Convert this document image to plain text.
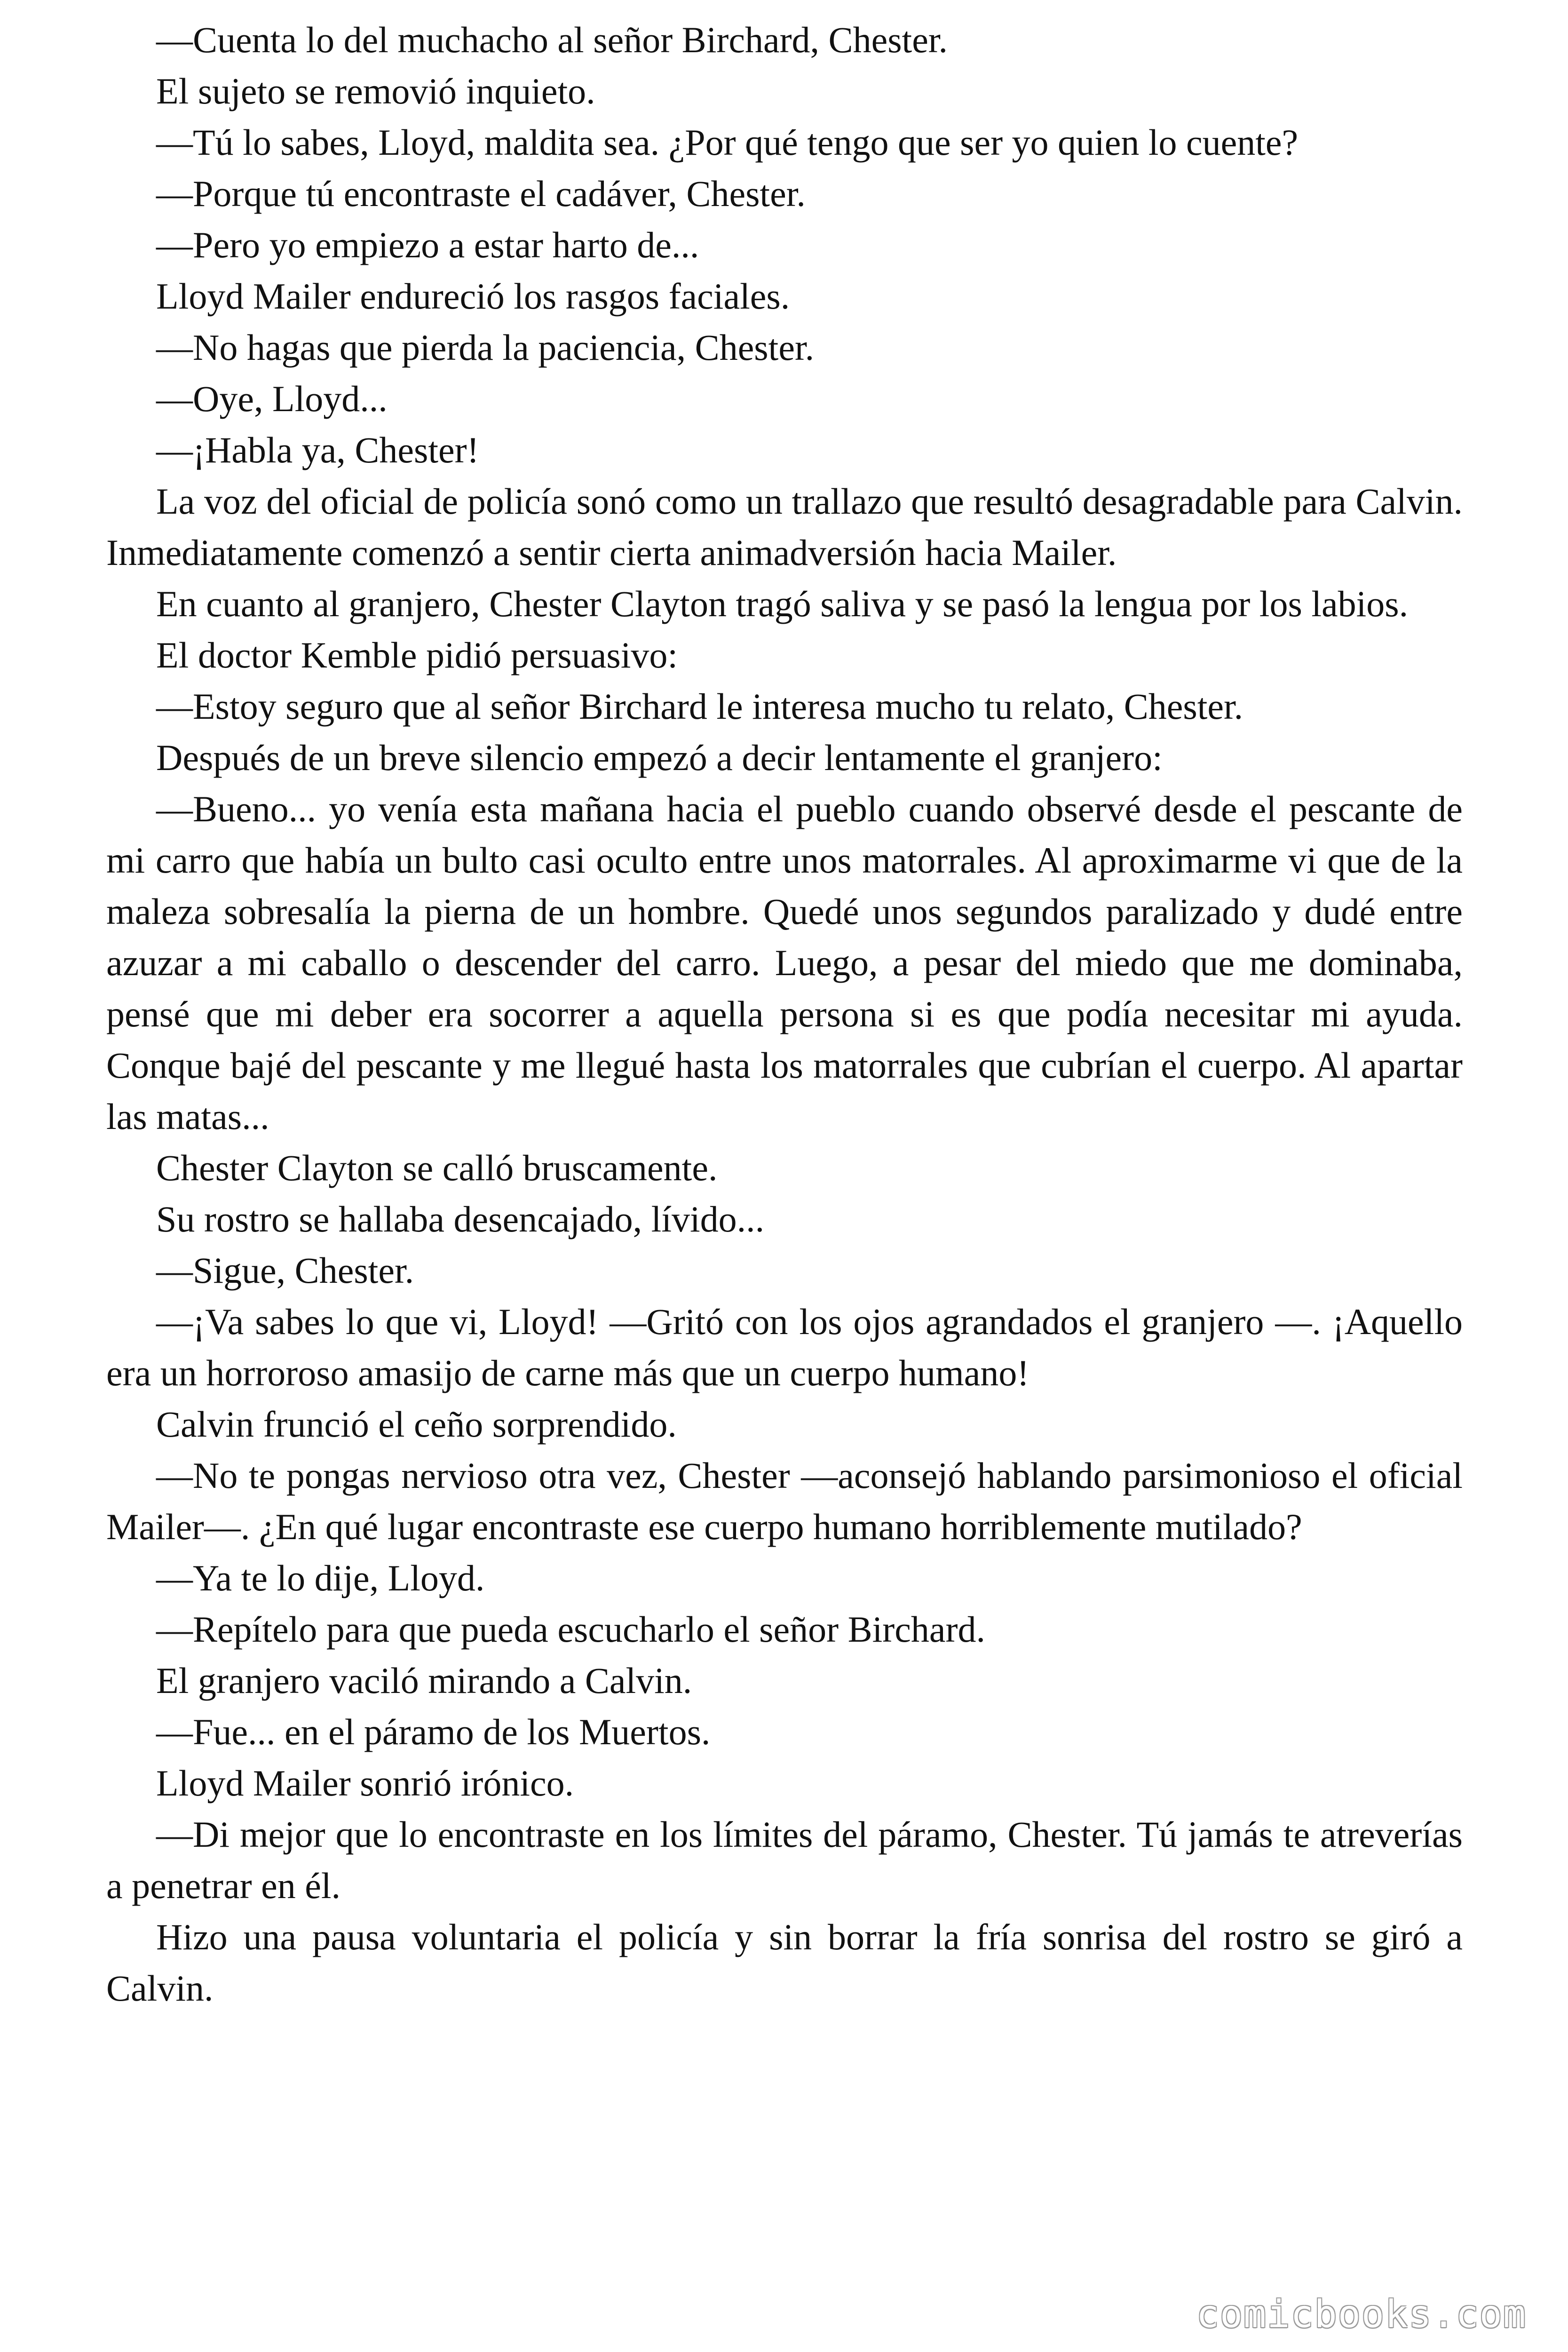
—Cuenta lo del muchacho al señor Birchard, Chester.

El sujeto se removió inquieto.

—Tú lo sabes, Lloyd, maldita sea. ¿Por qué tengo que ser yo quien lo cuente?

—Porque tú encontraste el cadáver, Chester.

—Pero yo empiezo a estar harto de...

Lloyd Mailer endureció los rasgos faciales.

—No hagas que pierda la paciencia, Chester.

—Oye, Lloyd...

—¡Habla ya, Chester!

La voz del oficial de policía sonó como un trallazo que resultó desagradable para Calvin. Inmediatamente comenzó a sentir cierta animadversión hacia Mailer.

En cuanto al granjero, Chester Clayton tragó saliva y se pasó la lengua por los labios.

El doctor Kemble pidió persuasivo:

—Estoy seguro que al señor Birchard le interesa mucho tu relato, Chester.

Después de un breve silencio empezó a decir lentamente el granjero:

—Bueno... yo venía esta mañana hacia el pueblo cuando observé desde el pescante de mi carro que había un bulto casi oculto entre unos matorrales. Al aproximarme vi que de la maleza sobresalía la pierna de un hombre. Quedé unos segundos paralizado y dudé entre azuzar a mi caballo o descender del carro. Luego, a pesar del miedo que me dominaba, pensé que mi deber era socorrer a aquella persona si es que podía necesitar mi ayuda. Conque bajé del pescante y me llegué hasta los matorrales que cubrían el cuerpo. Al apartar las matas...

Chester Clayton se calló bruscamente.

Su rostro se hallaba desencajado, lívido...

—Sigue, Chester.

—¡Va sabes lo que vi, Lloyd! —Gritó con los ojos agrandados el granjero —. ¡Aquello era un horroroso amasijo de carne más que un cuerpo humano!

Calvin frunció el ceño sorprendido.

—No te pongas nervioso otra vez, Chester —aconsejó hablando parsimonioso el oficial Mailer—. ¿En qué lugar encontraste ese cuerpo humano horriblemente mutilado?

—Ya te lo dije, Lloyd.

—Repítelo para que pueda escucharlo el señor Birchard.

El granjero vaciló mirando a Calvin.

—Fue... en el páramo de los Muertos.

Lloyd Mailer sonrió irónico.

—Di mejor que lo encontraste en los límites del páramo, Chester. Tú jamás te atreverías a penetrar en él.

Hizo una pausa voluntaria el policía y sin borrar la fría sonrisa del rostro se giró a Calvin.

comicbooks.com
